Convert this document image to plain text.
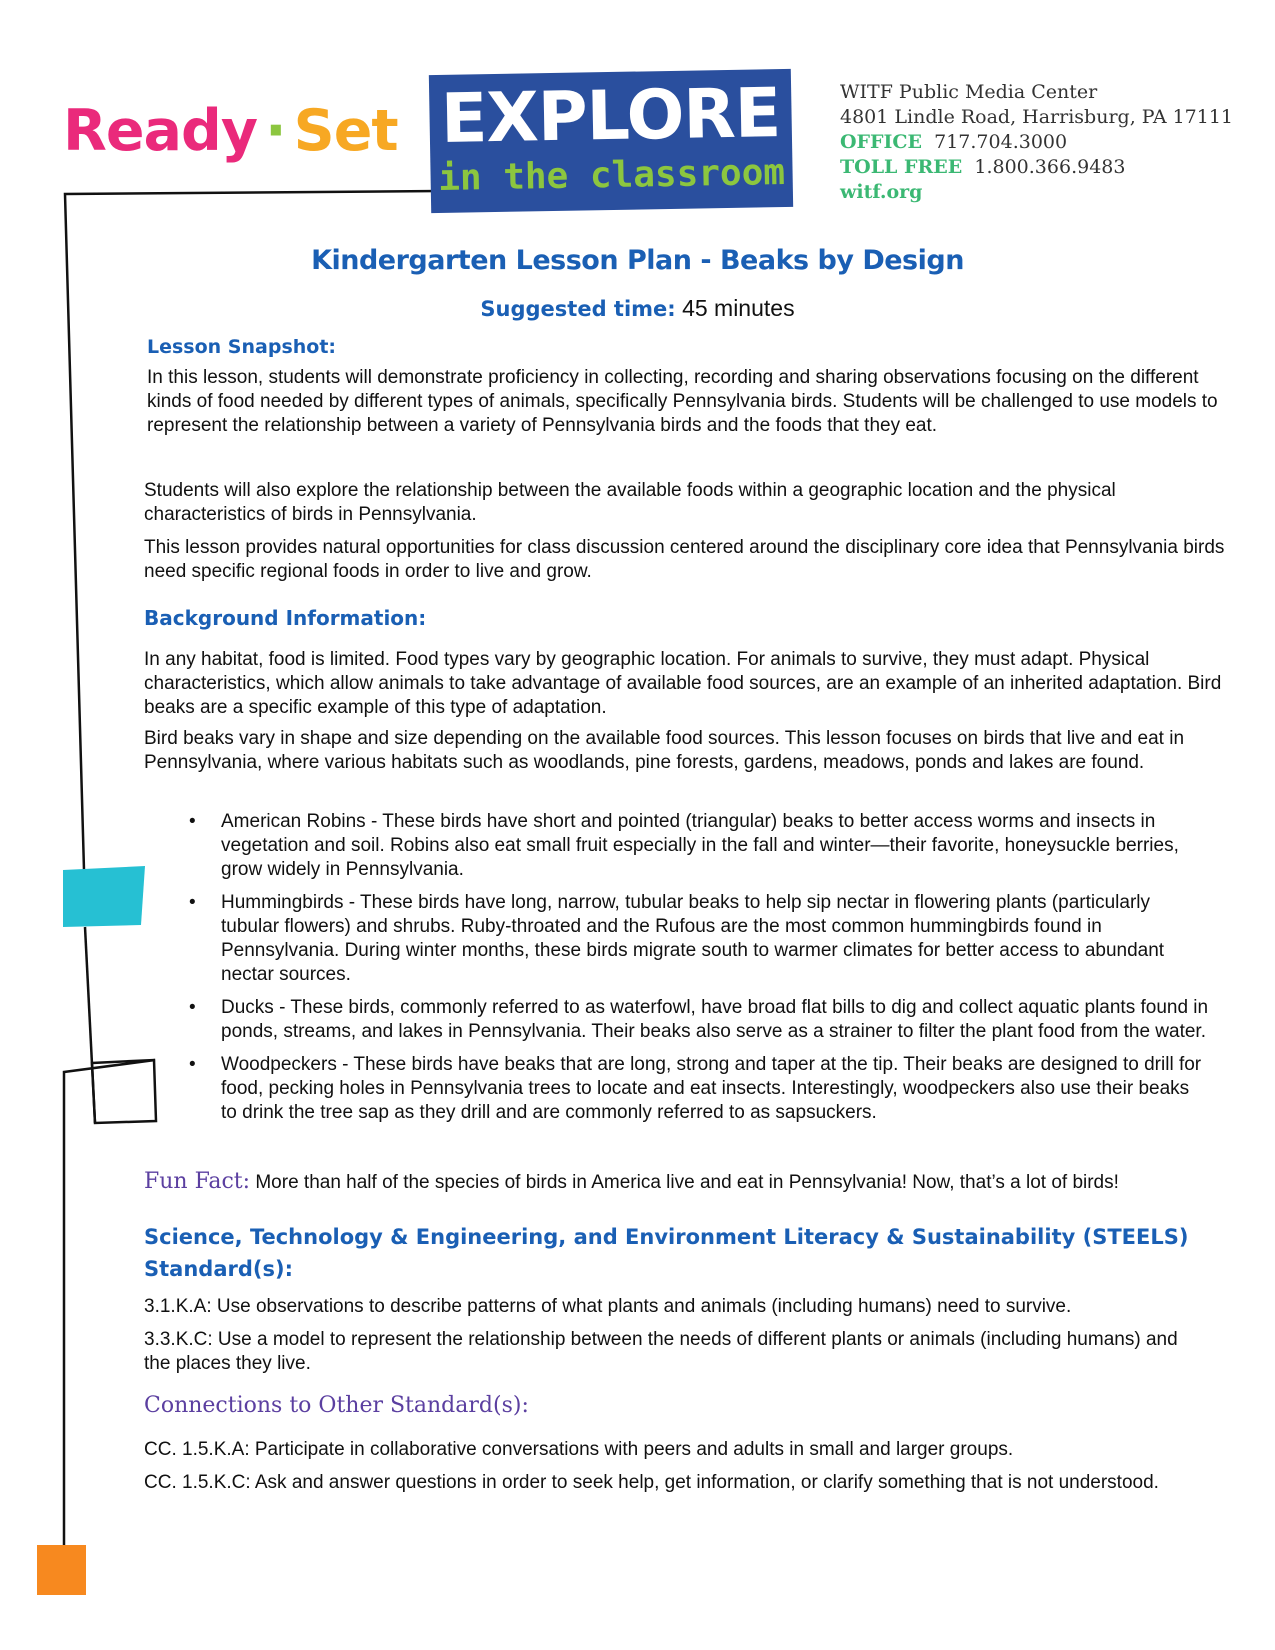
Ready · Set EXPLORE
in the classroom
WITF Public Media Center
4801 Lindle Road, Harrisburg, PA 17111
OFFICE 717.704.3000
TOLL FREE 1.800.366.9483
witf.org
Kindergarten Lesson Plan - Beaks by Design
Suggested time: 45 minutes
Lesson Snapshot:

In this lesson, students will demonstrate proficiency in collecting, recording and sharing observations focusing on the different kinds of food needed by different types of animals, specifically Pennsylvania birds. Students will be challenged to use models to represent the relationship between a variety of Pennsylvania birds and the foods that they eat.

Students will also explore the relationship between the available foods within a geographic location and the physical characteristics of birds in Pennsylvania.

This lesson provides natural opportunities for class discussion centered around the disciplinary core idea that Pennsylvania birds need specific regional foods in order to live and grow.

Background Information:

In any habitat, food is limited. Food types vary by geographic location. For animals to survive, they must adapt. Physical characteristics, which allow animals to take advantage of available food sources, are an example of an inherited adaptation. Bird beaks are a specific example of this type of adaptation.

Bird beaks vary in shape and size depending on the available food sources. This lesson focuses on birds that live and eat in Pennsylvania, where various habitats such as woodlands, pine forests, gardens, meadows, ponds and lakes are found.

• American Robins - These birds have short and pointed (triangular) beaks to better access worms and insects in vegetation and soil. Robins also eat small fruit especially in the fall and winter—their favorite, honeysuckle berries, grow widely in Pennsylvania.
• Hummingbirds - These birds have long, narrow, tubular beaks to help sip nectar in flowering plants (particularly tubular flowers) and shrubs. Ruby-throated and the Rufous are the most common hummingbirds found in Pennsylvania. During winter months, these birds migrate south to warmer climates for better access to abundant nectar sources.
• Ducks - These birds, commonly referred to as waterfowl, have broad flat bills to dig and collect aquatic plants found in ponds, streams, and lakes in Pennsylvania. Their beaks also serve as a strainer to filter the plant food from the water.
• Woodpeckers - These birds have beaks that are long, strong and taper at the tip. Their beaks are designed to drill for food, pecking holes in Pennsylvania trees to locate and eat insects. Interestingly, woodpeckers also use their beaks to drink the tree sap as they drill and are commonly referred to as sapsuckers.
Fun Fact: More than half of the species of birds in America live and eat in Pennsylvania! Now, that’s a lot of birds!
Science, Technology & Engineering, and Environment Literacy & Sustainability (STEELS)
Standard(s):

3.1.K.A: Use observations to describe patterns of what plants and animals (including humans) need to survive.

3.3.K.C: Use a model to represent the relationship between the needs of different plants or animals (including humans) and the places they live.

Connections to Other Standard(s):

CC. 1.5.K.A: Participate in collaborative conversations with peers and adults in small and larger groups.

CC. 1.5.K.C: Ask and answer questions in order to seek help, get information, or clarify something that is not understood.
